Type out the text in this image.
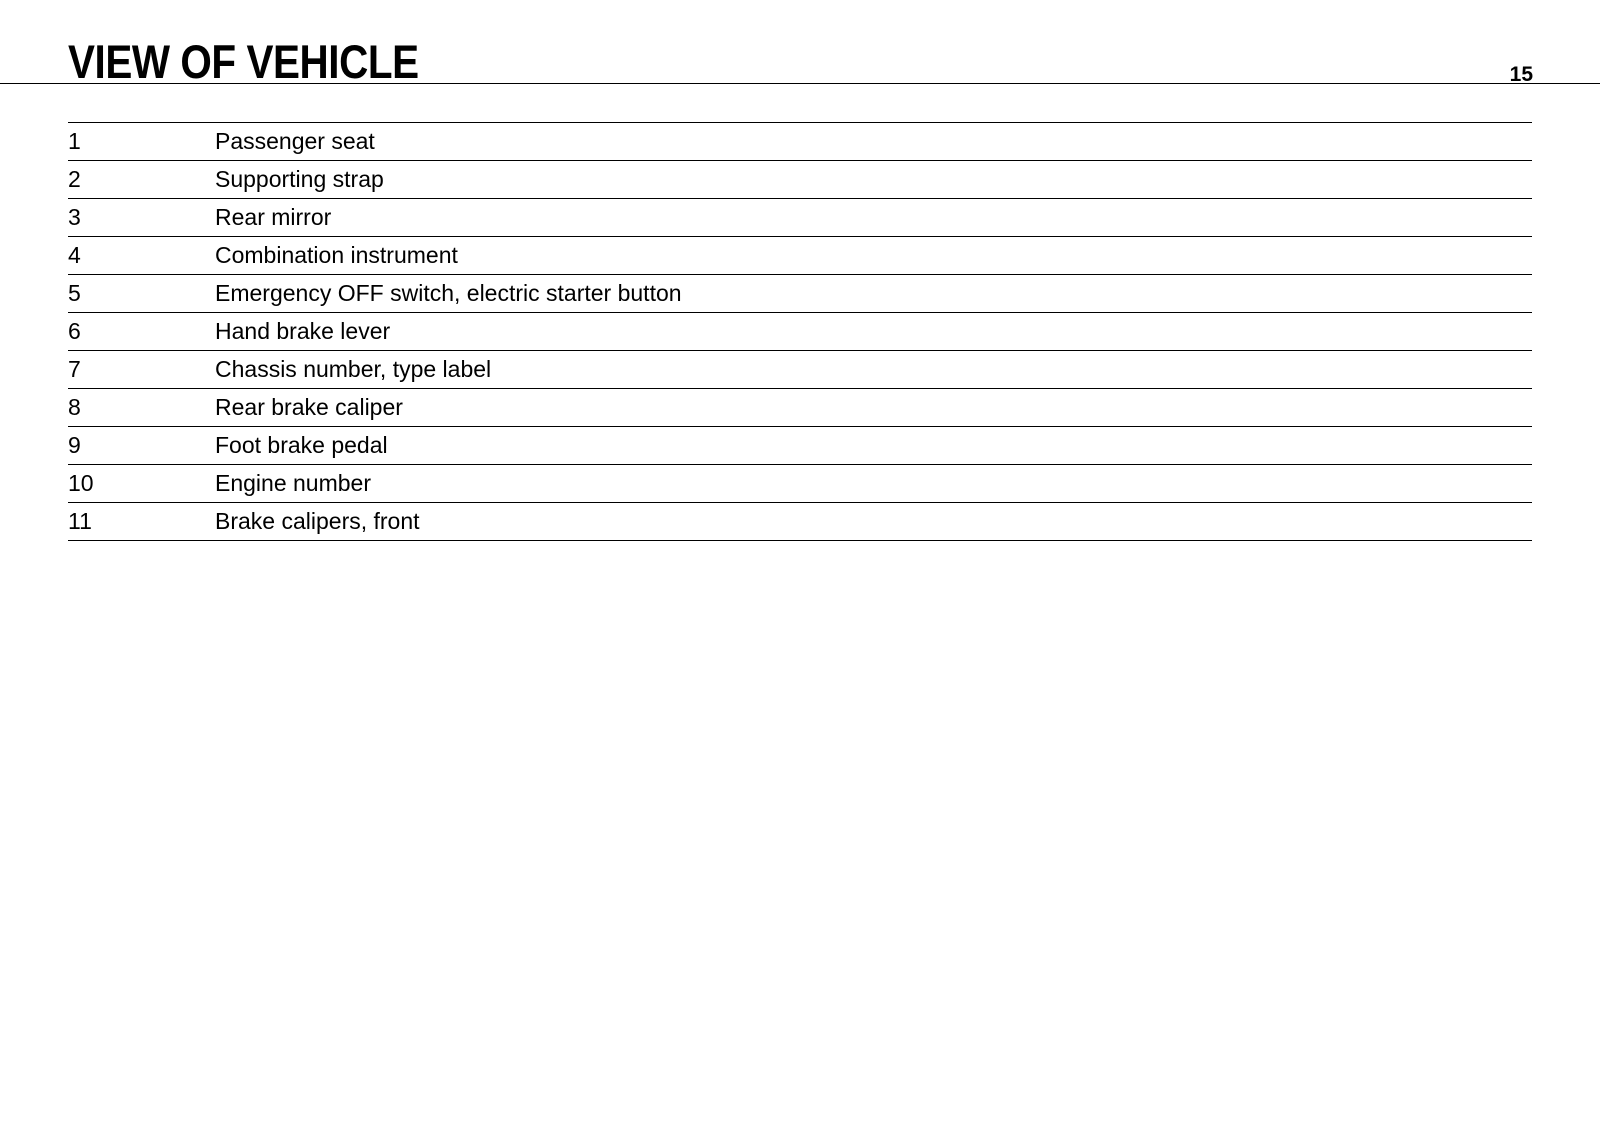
VIEW OF VEHICLE	15
1	Passenger seat
2	Supporting strap
3	Rear mirror
4	Combination instrument
5	Emergency OFF switch, electric starter button
6	Hand brake lever
7	Chassis number, type label
8	Rear brake caliper
9	Foot brake pedal
10	Engine number
11	Brake calipers, front
